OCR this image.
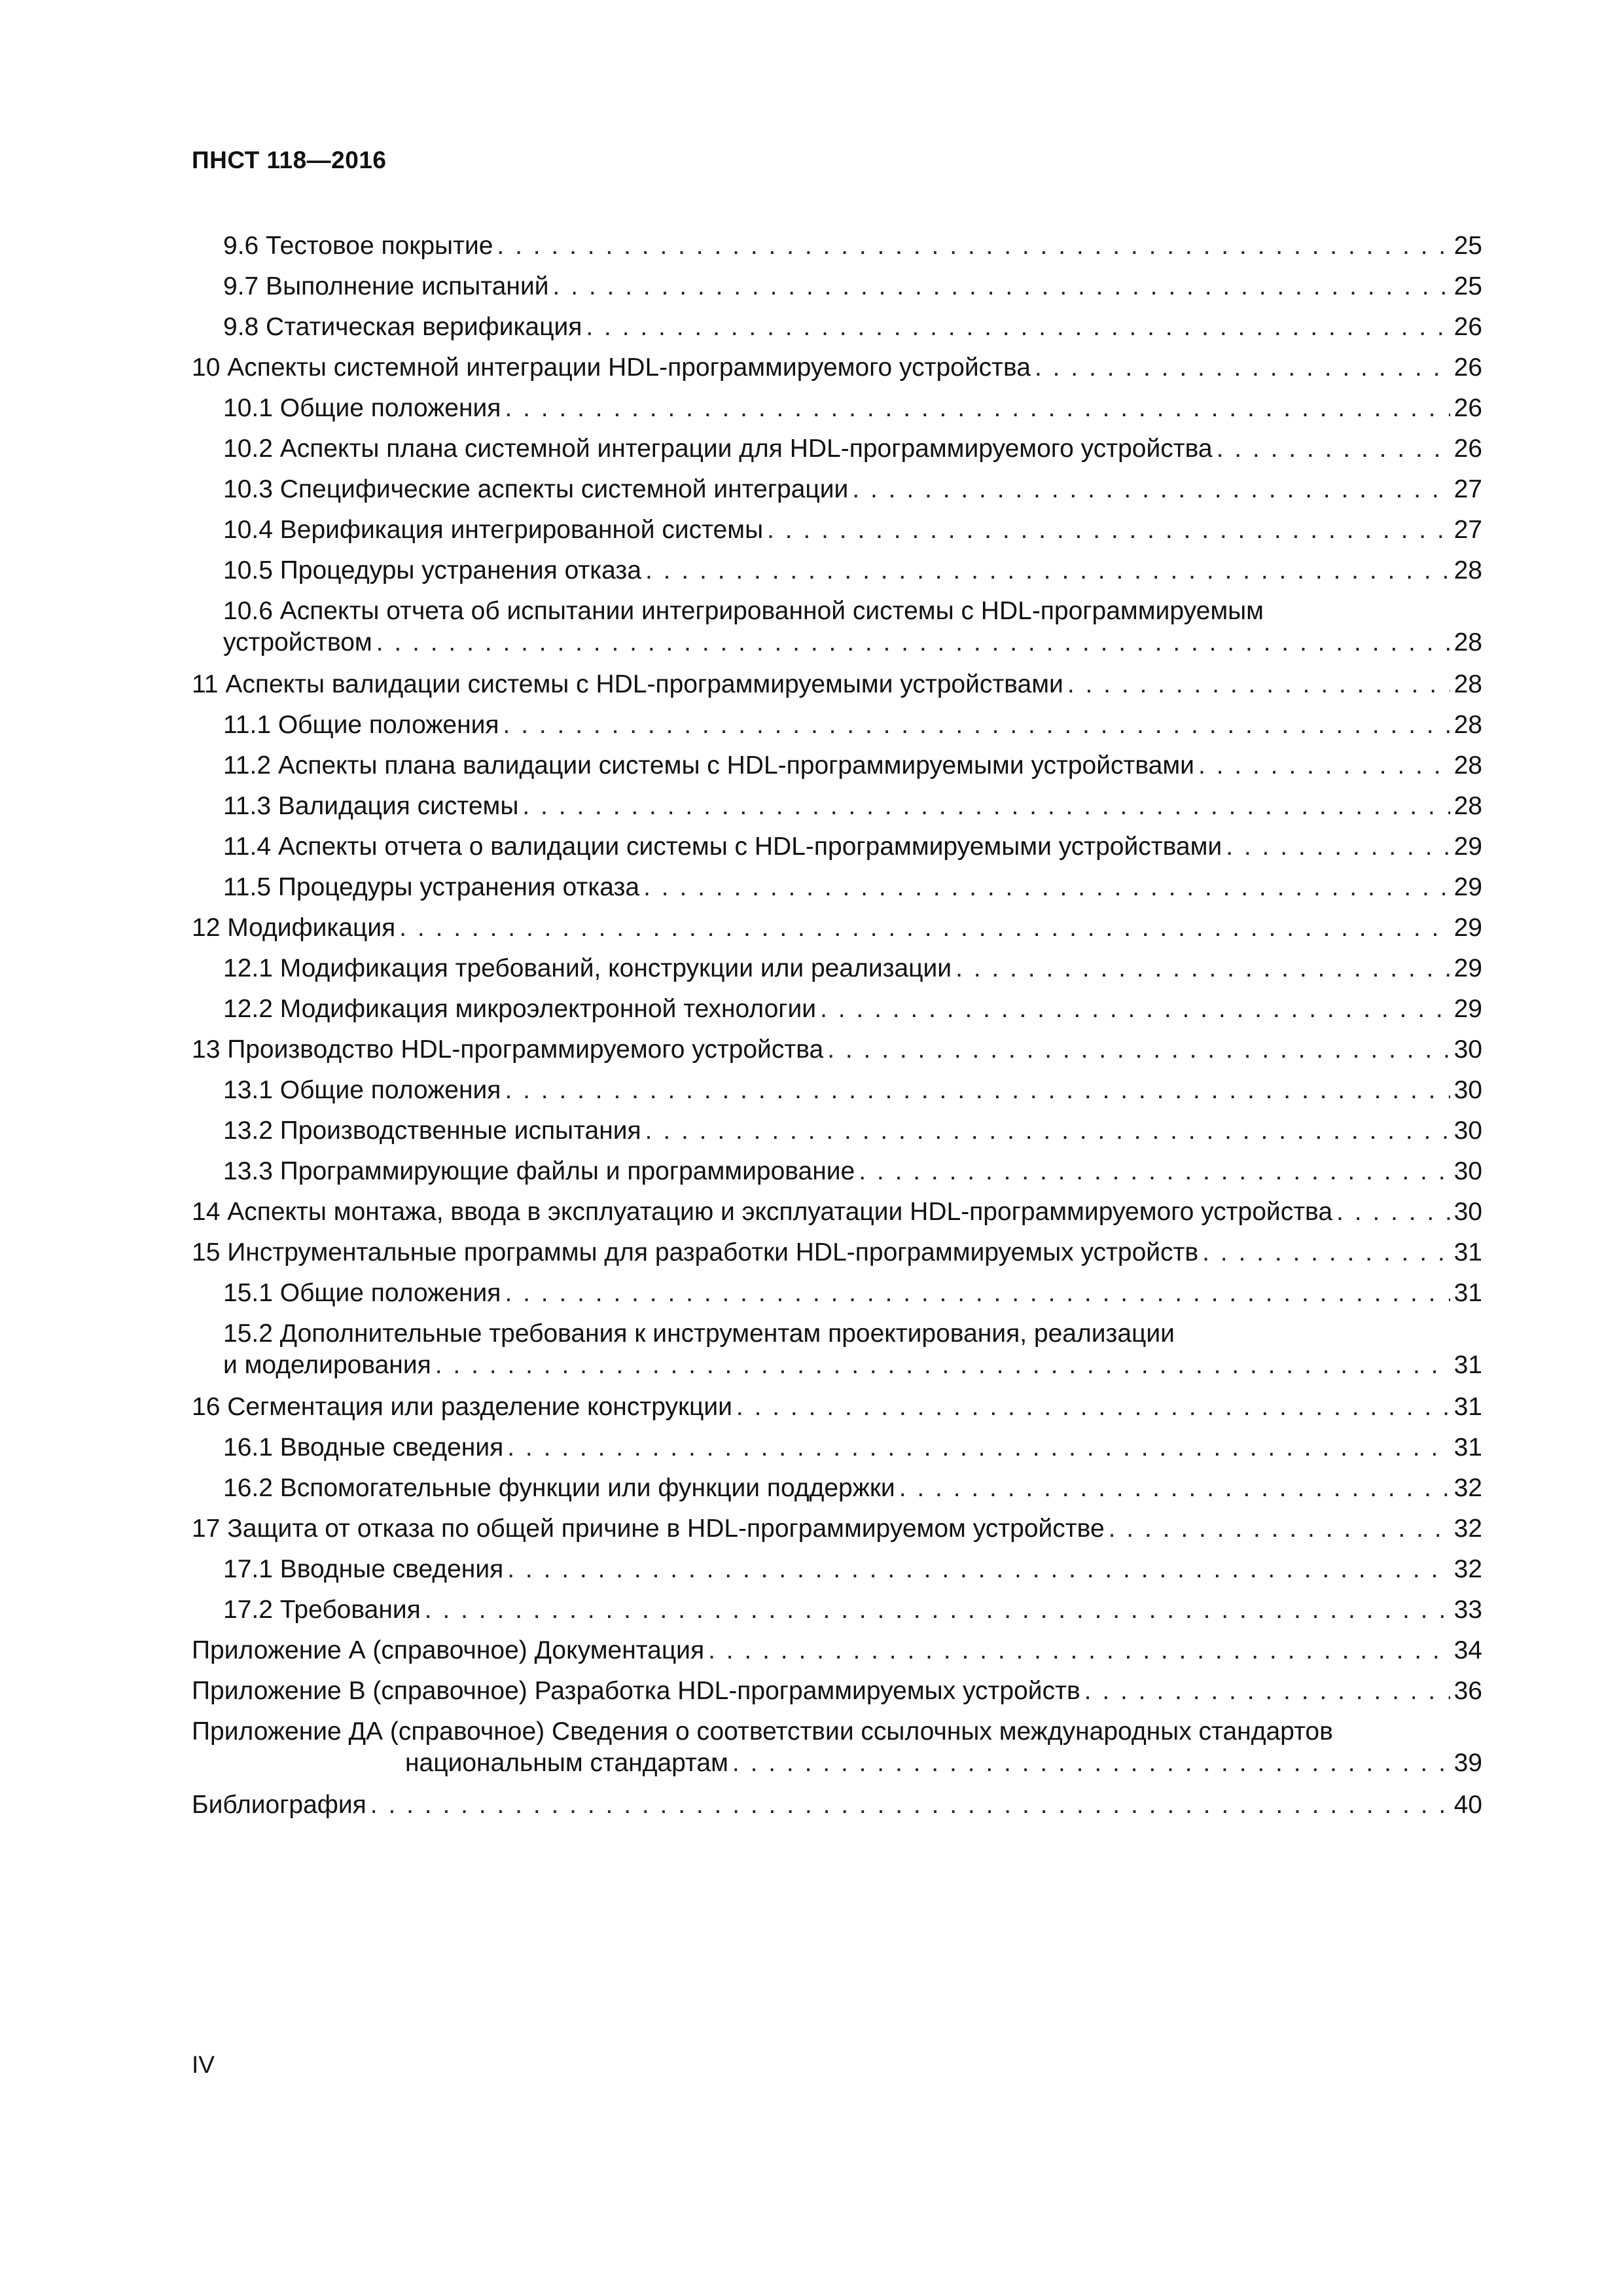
ПНСТ 118—2016
9.6 Тестовое покрытие . . .	25
9.7 Выполнение испытаний . . .	25
9.8 Статическая верификация . . .	26
10 Аспекты системной интеграции HDL-программируемого устройства . . .	26
10.1 Общие положения . . .	26
10.2 Аспекты плана системной интеграции для HDL-программируемого устройства . . .	26
10.3 Специфические аспекты системной интеграции . . .	27
10.4 Верификация интегрированной системы . . .	27
10.5 Процедуры устранения отказа . . .	28
10.6 Аспекты отчета об испытании интегрированной системы с HDL-программируемым
устройством . . .	28
11 Аспекты валидации системы с HDL-программируемыми устройствами . . .	28
11.1 Общие положения . . .	28
11.2 Аспекты плана валидации системы с HDL-программируемыми устройствами . . .	28
11.3 Валидация системы . . .	28
11.4 Аспекты отчета о валидации системы с HDL-программируемыми устройствами . . .	29
11.5 Процедуры устранения отказа . . .	29
12 Модификация . . .	29
12.1 Модификация требований, конструкции или реализации . . .	29
12.2 Модификация микроэлектронной технологии . . .	29
13 Производство HDL-программируемого устройства . . .	30
13.1 Общие положения . . .	30
13.2 Производственные испытания . . .	30
13.3 Программирующие файлы и программирование . . .	30
14 Аспекты монтажа, ввода в эксплуатацию и эксплуатации HDL-программируемого устройства . . .	30
15 Инструментальные программы для разработки HDL-программируемых устройств . . .	31
15.1 Общие положения . . .	31
15.2 Дополнительные требования к инструментам проектирования, реализации
и моделирования . . .	31
16 Сегментация или разделение конструкции . . .	31
16.1 Вводные сведения . . .	31
16.2 Вспомогательные функции или функции поддержки . . .	32
17 Защита от отказа по общей причине в HDL-программируемом устройстве . . .	32
17.1 Вводные сведения . . .	32
17.2 Требования . . .	33
Приложение А (справочное) Документация . . .	34
Приложение В (справочное) Разработка HDL-программируемых устройств . . .	36
Приложение ДА (справочное) Сведения о соответствии ссылочных международных стандартов
национальным стандартам . . .	39
Библиография . . .	40
IV
